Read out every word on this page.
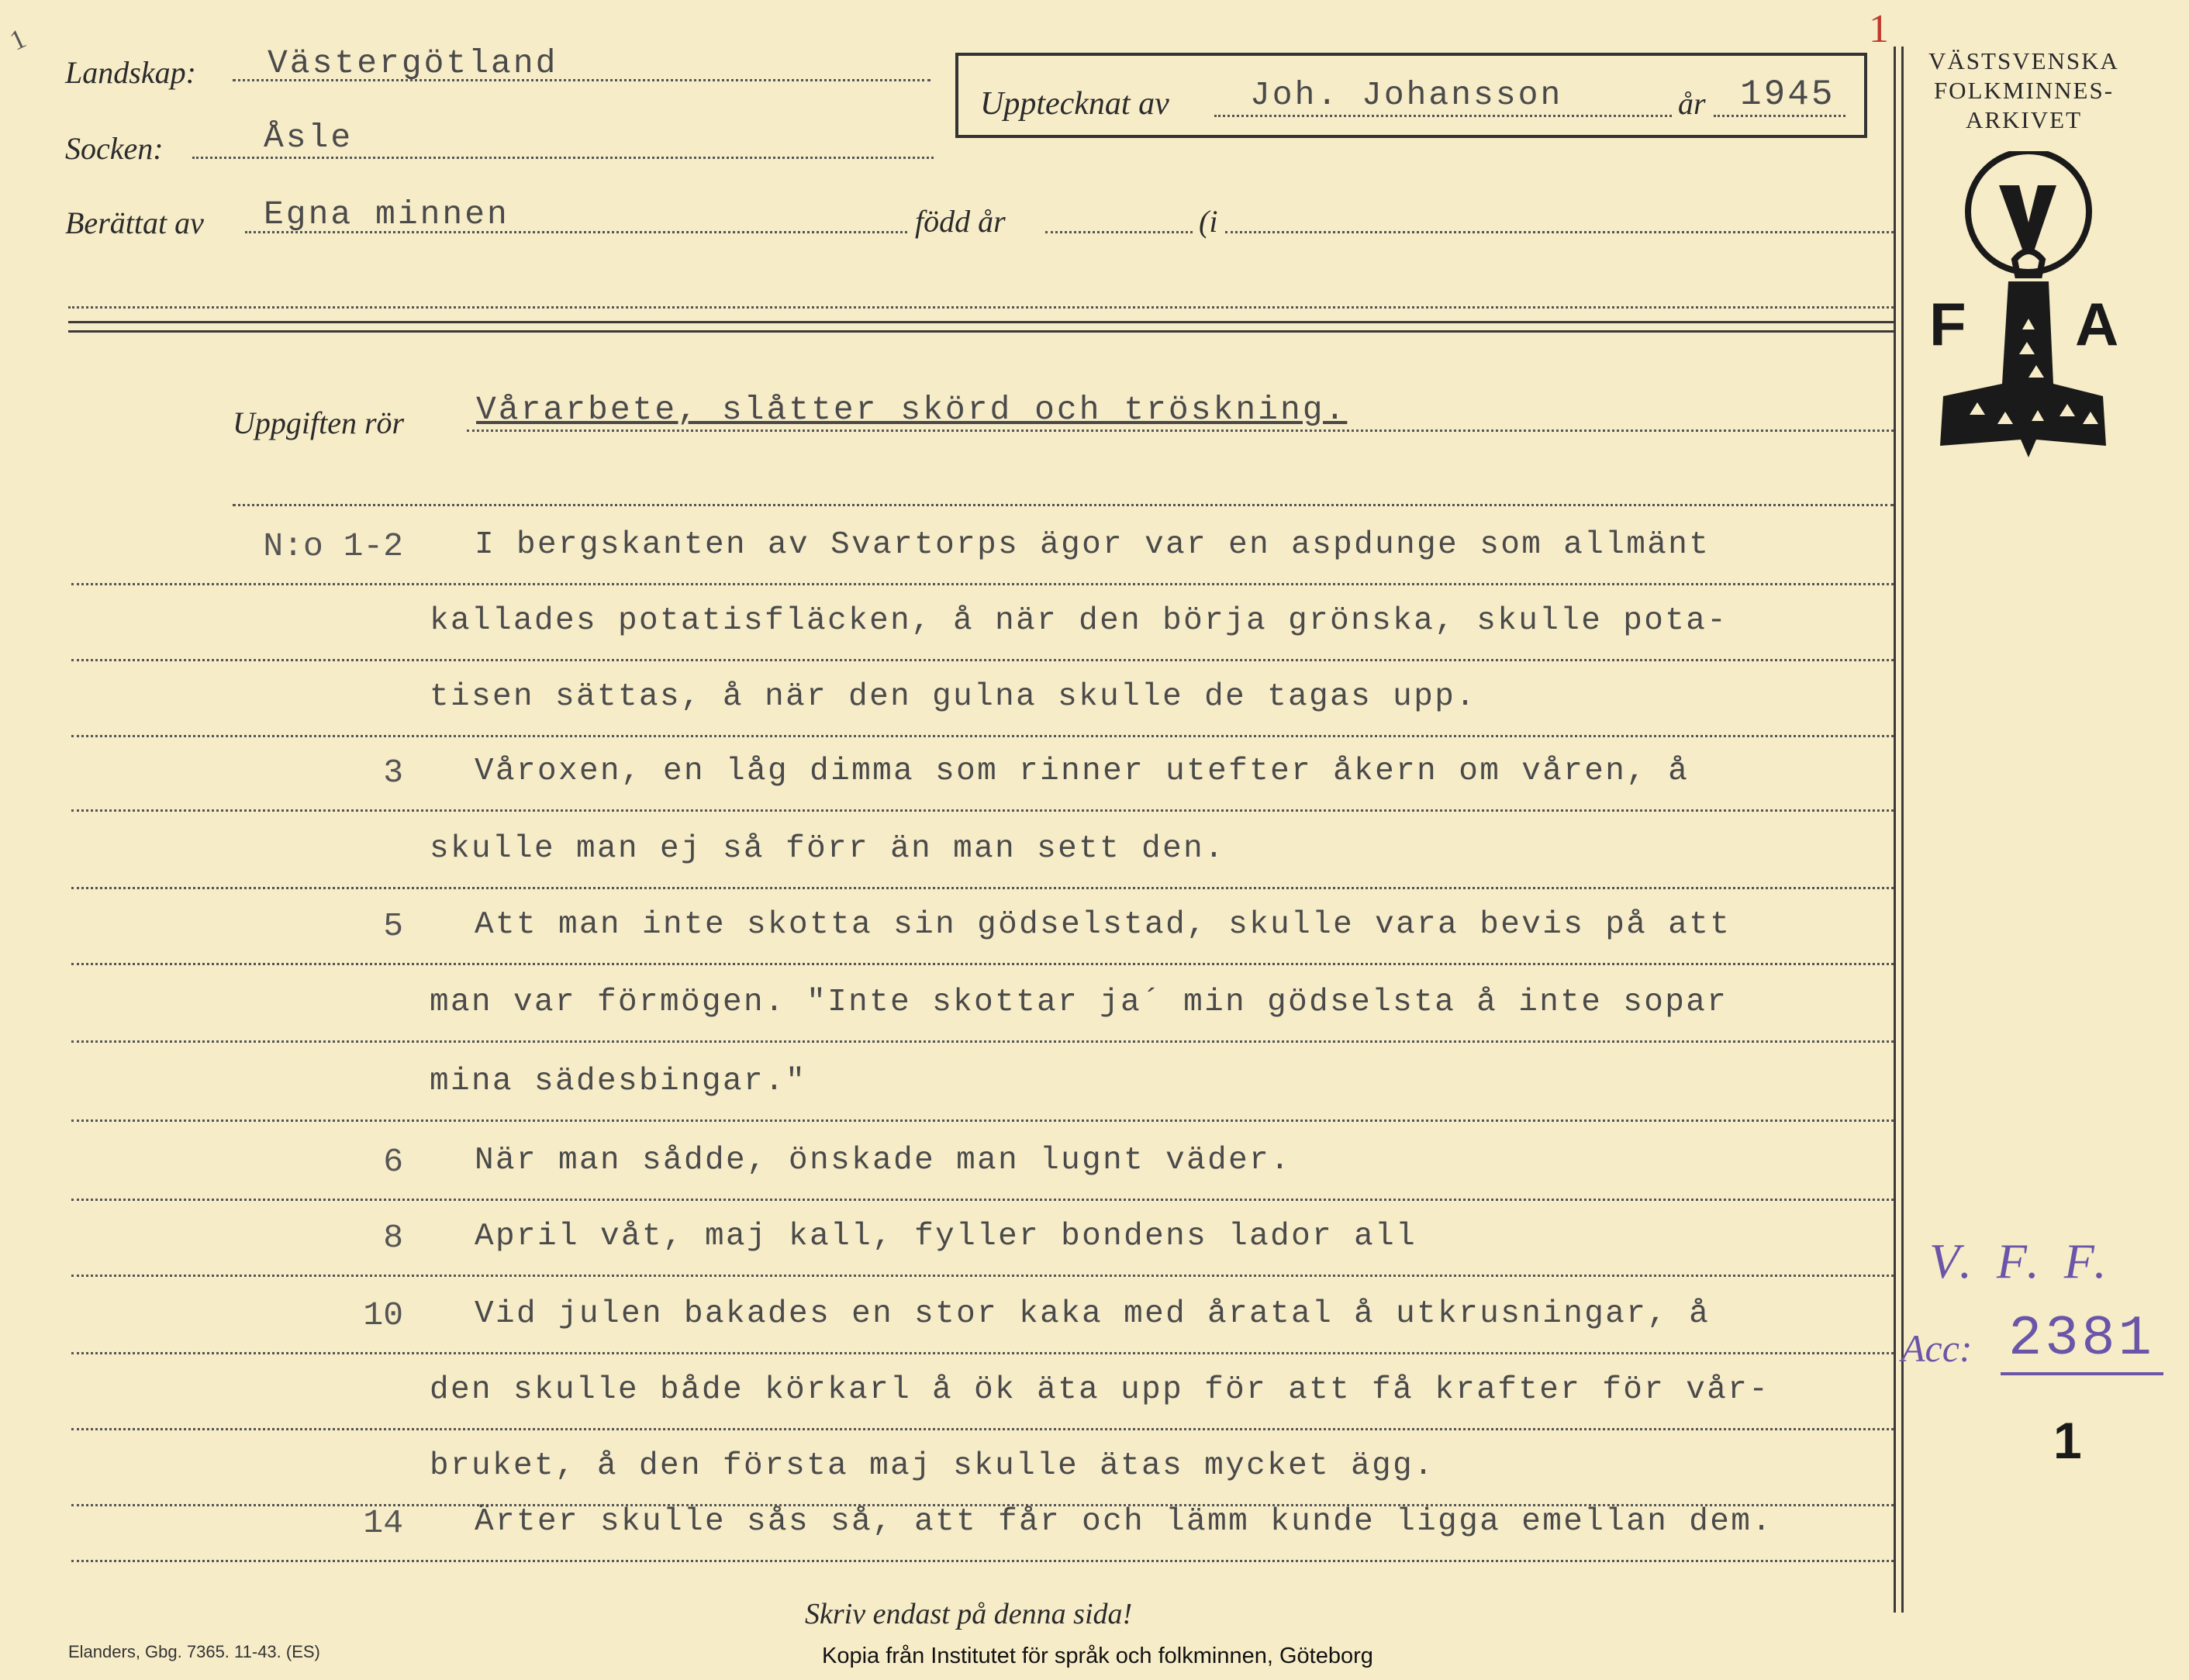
1
Landskap: Västergötland
Socken:	Åsle
Upptecknat av Joh. Johansson	år 1945
1
Berättat av Egna minnen	född år	(i
VÄSTSVENSKA
FOLKMINNES-
ARKIVET
F A
Uppgiften rör Vårarbete, slåtter skörd och tröskning.
N:o 1-2 I bergskanten av Svartorps ägor var en aspdunge som allmänt
kallades potatisfläcken, å när den börja grönska, skulle pota-
tisen sättas, å när den gulna skulle de tagas upp.
3 Våroxen, en låg dimma som rinner utefter åkern om våren, å
skulle man ej så förr än man sett den.
5 Att man inte skotta sin gödselstad, skulle vara bevis på att
man var förmögen. "Inte skottar ja´ min gödselsta å inte sopar
mina sädesbingar."
6 När man sådde, önskade man lugnt väder.
8 April våt, maj kall, fyller bondens lador all
10 Vid julen bakades en stor kaka med åratal å utkrusningar, å
den skulle både körkarl å ök äta upp för att få krafter för vår-
bruket, å den första maj skulle ätas mycket ägg.
14 Ärter skulle sås så, att får och lämm kunde ligga emellan dem.
V. F. F.
Acc: 2381
1
Skriv endast på denna sida!
Elanders, Gbg. 7365. 11-43. (ES)	Kopia från Institutet för språk och folkminnen, Göteborg
